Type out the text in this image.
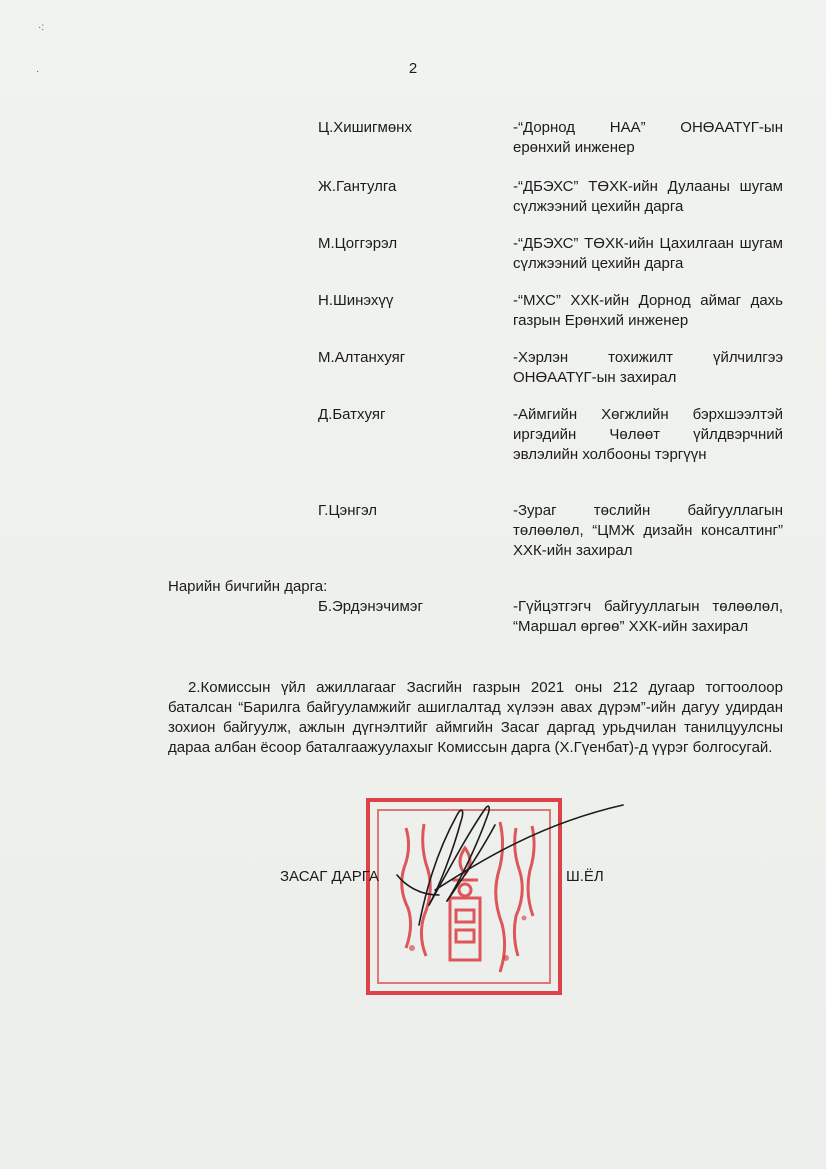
·:
·	2
Ц.Хишигмөнх	-“Дорнод НАА” ОНӨААТҮГ-ын ерөнхий инженер
Ж.Гантулга	-“ДБЭХС” ТӨХК-ийн Дулааны шугам сүлжээний цехийн дарга
М.Цоггэрэл	-“ДБЭХС” ТӨХК-ийн Цахилгаан шугам сүлжээний цехийн дарга
Н.Шинэхүү	-“МХС” ХХК-ийн Дорнод аймаг дахь газрын Ерөнхий инженер
М.Алтанхуяг	-Хэрлэн тохижилт үйлчилгээ ОНӨААТҮГ-ын захирал
Д.Батхуяг	-Аймгийн Хөгжлийн бэрхшээлтэй иргэдийн Чөлөөт үйлдвэрчний эвлэлийн холбооны тэргүүн
Г.Цэнгэл	-Зураг төслийн байгууллагын төлөөлөл, “ЦМЖ дизайн консалтинг” ХХК-ийн захирал
Нарийн бичгийн дарга:
Б.Эрдэнэчимэг	-Гүйцэтгэгч байгууллагын төлөөлөл, “Маршал өргөө” ХХК-ийн захирал
2.Комиссын үйл ажиллагааг Засгийн газрын 2021 оны 212 дугаар тогтоолоор баталсан “Барилга байгууламжийг ашиглалтад хүлээн авах дүрэм”-ийн дагуу удирдан зохион байгуулж, ажлын дүгнэлтийг аймгийн Засаг даргад урьдчилан танилцуулсны дараа албан ёсоор баталгаажуулахыг Комиссын дарга (Х.Гүенбат)-д үүрэг болгосугай.
ЗАСАГ ДАРГА	Ш.ЁЛ
